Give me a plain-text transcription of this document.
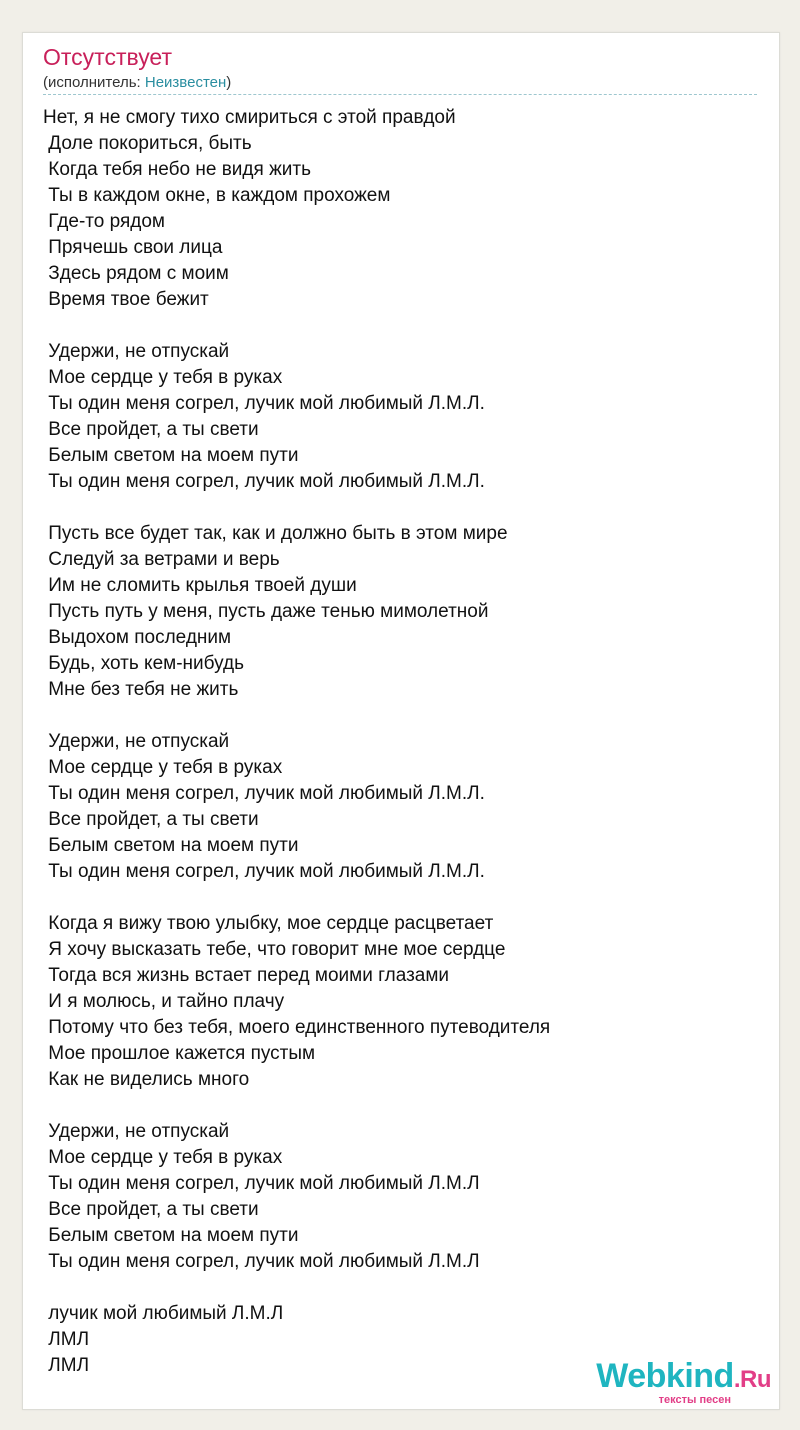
Отсутствует
(исполнитель: Неизвестен)
Нет, я не смогу тихо смириться с этой правдой
Доле покориться, быть
Когда тебя небо не видя жить
Ты в каждом окне, в каждом прохожем
Где-то рядом
Прячешь свои лица
Здесь рядом с моим
Время твое бежит
Удержи, не отпускай
Мое сердце у тебя в руках
Ты один меня согрел, лучик мой любимый Л.М.Л.
Все пройдет, а ты свети
Белым светом на моем пути
Ты один меня согрел, лучик мой любимый Л.М.Л.
Пусть все будет так, как и должно быть в этом мире
Следуй за ветрами и верь
Им не сломить крылья твоей души
Пусть путь у меня, пусть даже тенью мимолетной
Выдохом последним
Будь, хоть кем-нибудь
Мне без тебя не жить
Удержи, не отпускай
Мое сердце у тебя в руках
Ты один меня согрел, лучик мой любимый Л.М.Л.
Все пройдет, а ты свети
Белым светом на моем пути
Ты один меня согрел, лучик мой любимый Л.М.Л.
Когда я вижу твою улыбку, мое сердце расцветает
Я хочу высказать тебе, что говорит мне мое сердце
Тогда вся жизнь встает перед моими глазами
И я молюсь, и тайно плачу
Потому что без тебя, моего единственного путеводителя
Мое прошлое кажется пустым
Как не виделись много
Удержи, не отпускай
Мое сердце у тебя в руках
Ты один меня согрел, лучик мой любимый Л.М.Л
Все пройдет, а ты свети
Белым светом на моем пути
Ты один меня согрел, лучик мой любимый Л.М.Л
лучик мой любимый Л.М.Л
ЛМЛ
ЛМЛ	Webkind.Ru
тексты песен
